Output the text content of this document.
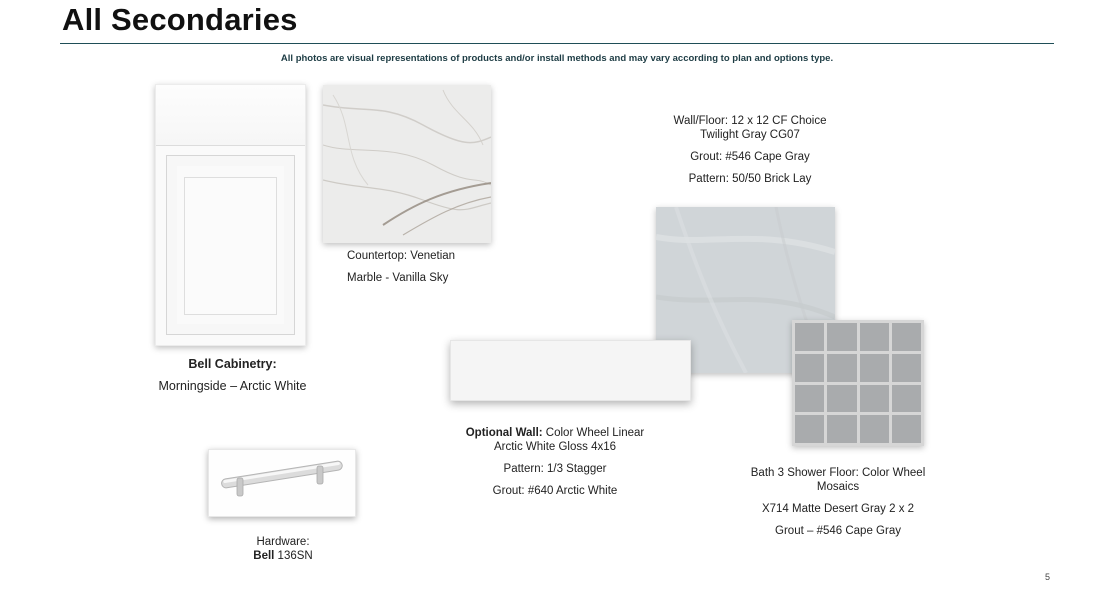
All Secondaries
All photos are visual representations of products and/or install methods and may vary according to plan and options type.
Bell Cabinetry:
Morningside – Arctic White
Countertop: Venetian
Marble - Vanilla Sky
Wall/Floor: 12 x 12 CF Choice
Twilight Gray CG07
Grout: #546 Cape Gray
Pattern: 50/50 Brick Lay
Optional Wall: Color Wheel Linear
Arctic White Gloss 4x16
Pattern: 1/3 Stagger
Grout: #640 Arctic White
Bath 3 Shower Floor: Color Wheel
Mosaics
X714 Matte Desert Gray 2 x 2
Grout – #546 Cape Gray
Hardware:
Bell 136SN
5
